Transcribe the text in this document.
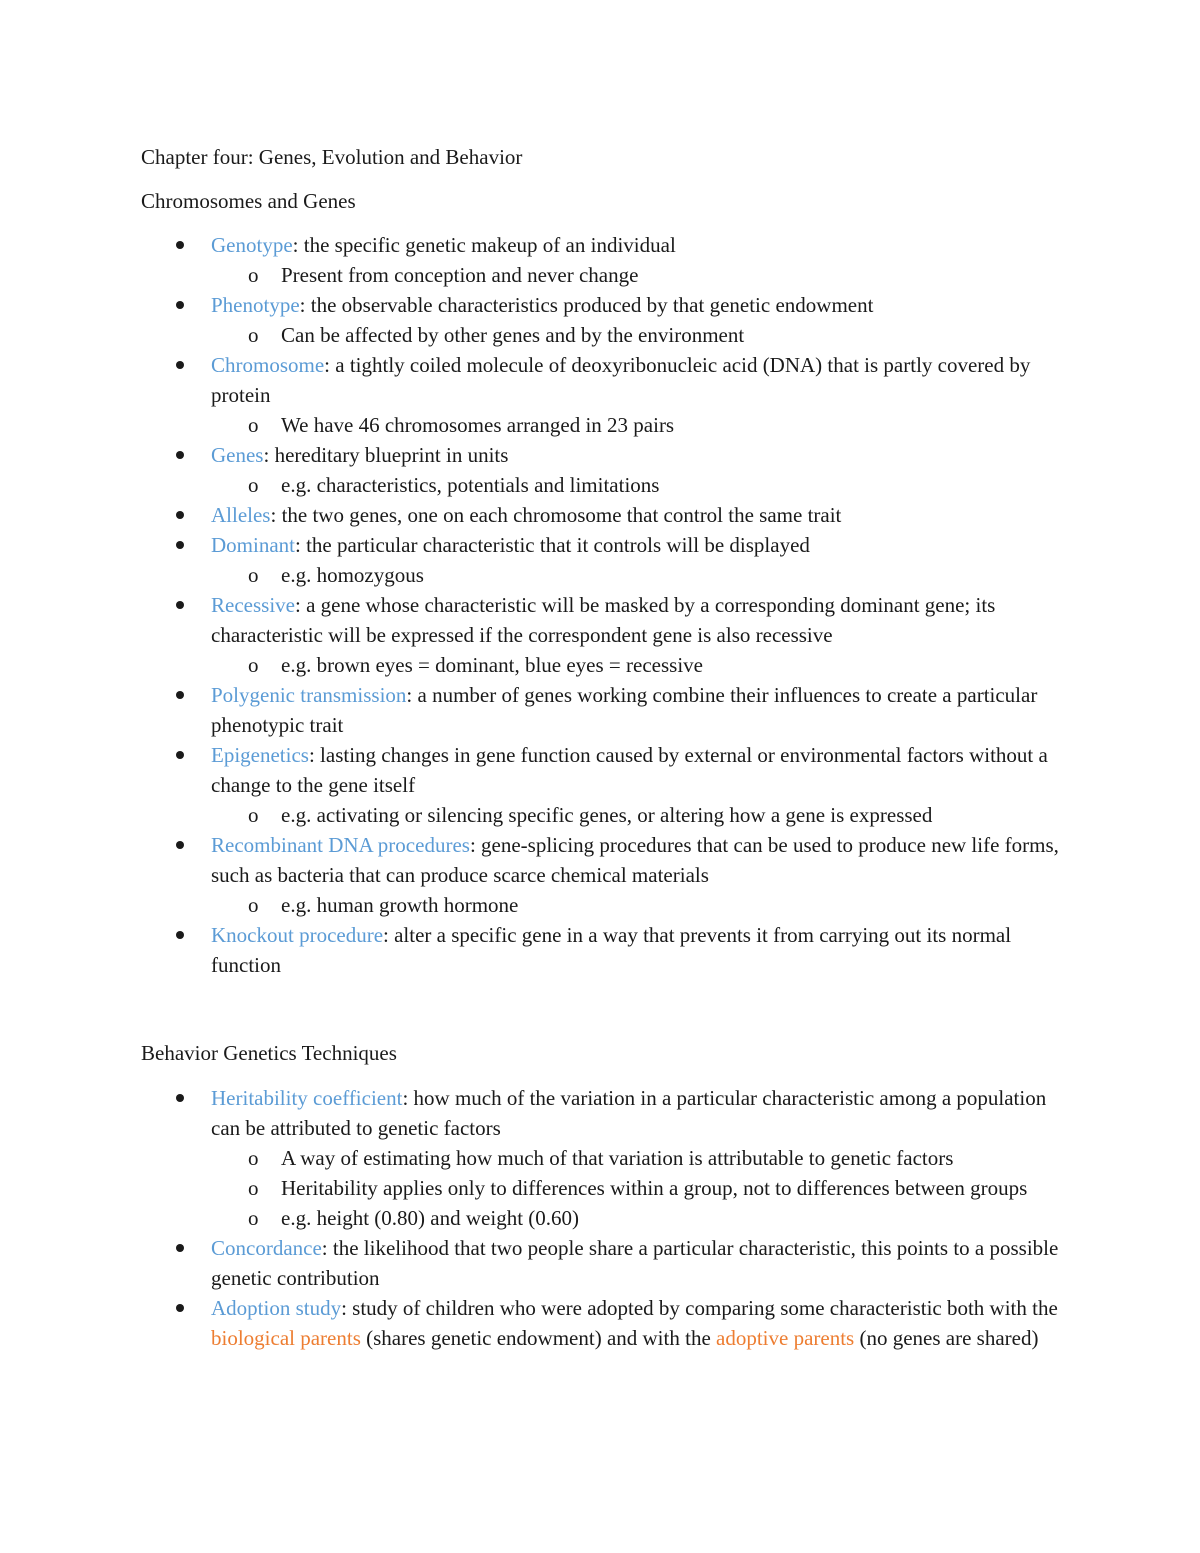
Chapter four: Genes, Evolution and Behavior
Chromosomes and Genes
Genotype: the specific genetic makeup of an individual
o Present from conception and never change
Phenotype: the observable characteristics produced by that genetic endowment
o Can be affected by other genes and by the environment
Chromosome: a tightly coiled molecule of deoxyribonucleic acid (DNA) that is partly covered by protein
o We have 46 chromosomes arranged in 23 pairs
Genes: hereditary blueprint in units
o e.g. characteristics, potentials and limitations
Alleles: the two genes, one on each chromosome that control the same trait
Dominant: the particular characteristic that it controls will be displayed
o e.g. homozygous
Recessive: a gene whose characteristic will be masked by a corresponding dominant gene; its characteristic will be expressed if the correspondent gene is also recessive
o e.g. brown eyes = dominant, blue eyes = recessive
Polygenic transmission: a number of genes working combine their influences to create a particular phenotypic trait
Epigenetics: lasting changes in gene function caused by external or environmental factors without a change to the gene itself
o e.g. activating or silencing specific genes, or altering how a gene is expressed
Recombinant DNA procedures: gene-splicing procedures that can be used to produce new life forms, such as bacteria that can produce scarce chemical materials
o e.g. human growth hormone
Knockout procedure: alter a specific gene in a way that prevents it from carrying out its normal function
Behavior Genetics Techniques
Heritability coefficient: how much of the variation in a particular characteristic among a population can be attributed to genetic factors
o A way of estimating how much of that variation is attributable to genetic factors
o Heritability applies only to differences within a group, not to differences between groups
o e.g. height (0.80) and weight (0.60)
Concordance: the likelihood that two people share a particular characteristic, this points to a possible genetic contribution
Adoption study: study of children who were adopted by comparing some characteristic both with the biological parents (shares genetic endowment) and with the adoptive parents (no genes are shared)
